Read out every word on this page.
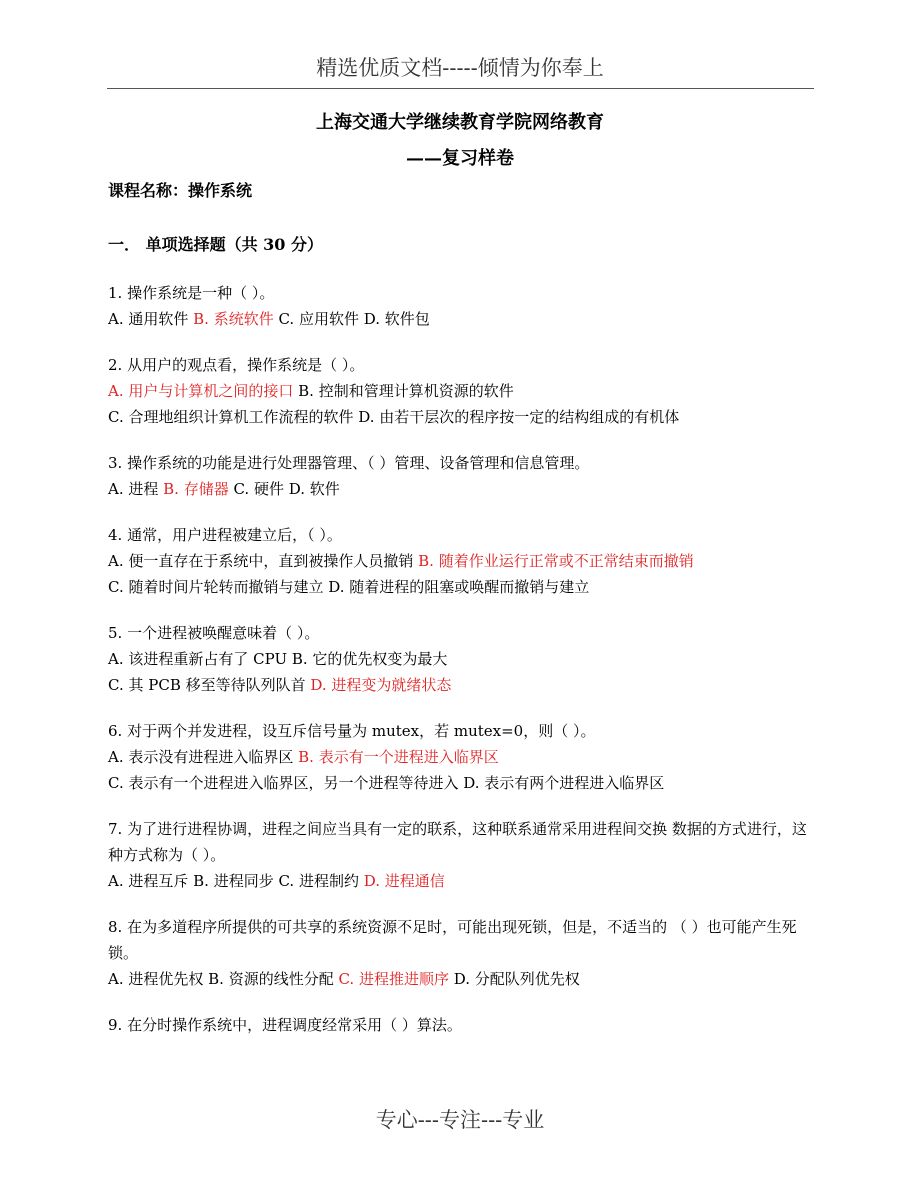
精选优质文档-----倾情为你奉上
上海交通大学继续教育学院网络教育
——复习样卷
课程名称：操作系统
一． 单项选择题（共 30 分）

1. 操作系统是一种（ ）。

A. 通用软件 B. 系统软件 C. 应用软件 D. 软件包

2. 从用户的观点看，操作系统是（ ）。

A. 用户与计算机之间的接口 B. 控制和管理计算机资源的软件

C. 合理地组织计算机工作流程的软件 D. 由若干层次的程序按一定的结构组成的有机体

3. 操作系统的功能是进行处理器管理、（ ）管理、设备管理和信息管理。

A. 进程 B. 存储器 C. 硬件 D. 软件

4. 通常，用户进程被建立后，（ ）。

A. 便一直存在于系统中，直到被操作人员撤销 B. 随着作业运行正常或不正常结束而撤销

C. 随着时间片轮转而撤销与建立 D. 随着进程的阻塞或唤醒而撤销与建立

5. 一个进程被唤醒意味着（ ）。

A. 该进程重新占有了 CPU B. 它的优先权变为最大

C. 其 PCB 移至等待队列队首 D. 进程变为就绪状态

6. 对于两个并发进程，设互斥信号量为 mutex，若 mutex=0，则（ ）。

A. 表示没有进程进入临界区 B. 表示有一个进程进入临界区

C. 表示有一个进程进入临界区，另一个进程等待进入 D. 表示有两个进程进入临界区

7. 为了进行进程协调，进程之间应当具有一定的联系，这种联系通常采用进程间交换 数据的方式进行，这种方式称为（ ）。

A. 进程互斥 B. 进程同步 C. 进程制约 D. 进程通信

8. 在为多道程序所提供的可共享的系统资源不足时，可能出现死锁，但是，不适当的 （ ）也可能产生死锁。

A. 进程优先权 B. 资源的线性分配 C. 进程推进顺序 D. 分配队列优先权

9. 在分时操作系统中，进程调度经常采用（ ）算法。

专心---专注---专业
